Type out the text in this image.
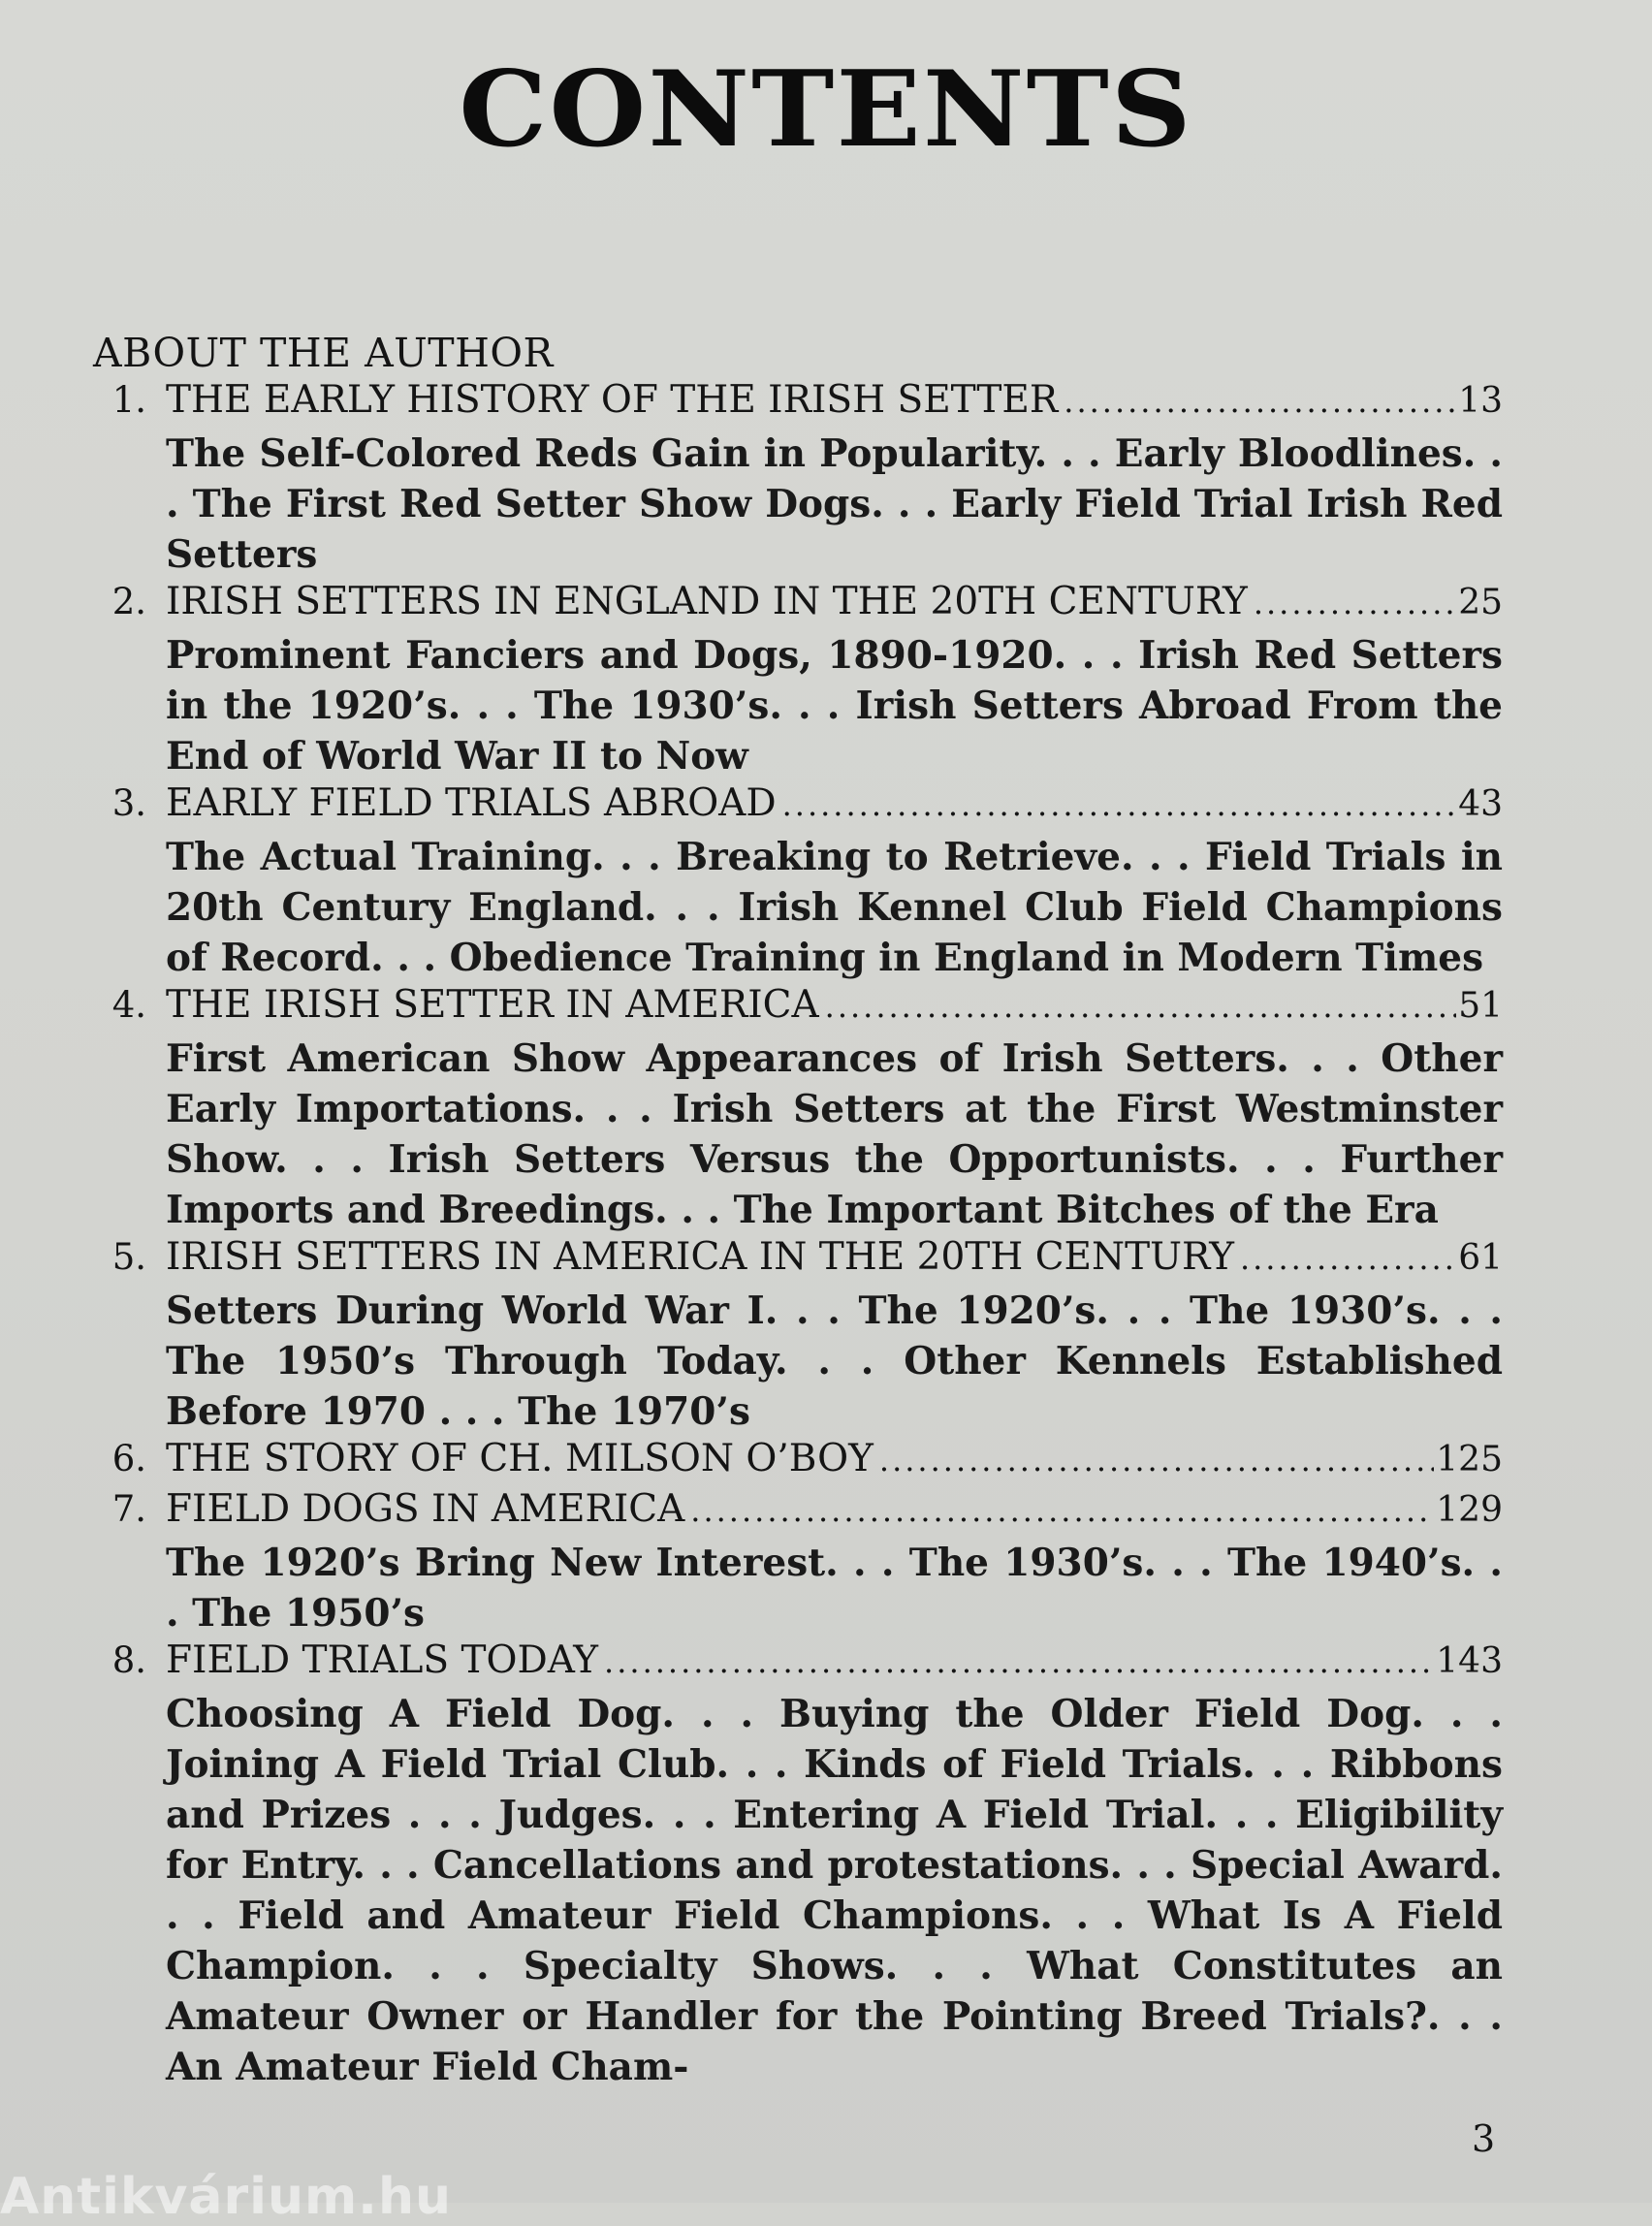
CONTENTS
ABOUT THE AUTHOR
1. THE EARLY HISTORY OF THE IRISH SETTER .....	13
The Self-Colored Reds Gain in Popularity. . . Early Bloodlines. . . The First Red Setter Show Dogs. . . Early Field Trial Irish Red Setters
2. IRISH SETTERS IN ENGLAND IN THE 20TH CENTURY .....	25
Prominent Fanciers and Dogs, 1890-1920. . . Irish Red Setters in the 1920’s. . . The 1930’s. . . Irish Setters Abroad From the End of World War II to Now
3. EARLY FIELD TRIALS ABROAD .....	43
The Actual Training. . . Breaking to Retrieve. . . Field Trials in 20th Century England. . . Irish Kennel Club Field Champions of Record. . . Obedience Training in England in Modern Times
4. THE IRISH SETTER IN AMERICA .....	51
First American Show Appearances of Irish Setters. . . Other Early Importations. . . Irish Setters at the First Westminster Show. . . Irish Setters Versus the Opportunists. . . Further Imports and Breedings. . . The Important Bitches of the Era
5. IRISH SETTERS IN AMERICA IN THE 20TH CENTURY .....	61
Setters During World War I. . . The 1920’s. . . The 1930’s. . . The 1950’s Through Today. . . Other Kennels Established Before 1970 . . . The 1970’s
6. THE STORY OF CH. MILSON O’BOY .....	125
7. FIELD DOGS IN AMERICA .....	129
The 1920’s Bring New Interest. . . The 1930’s. . . The 1940’s. . . The 1950’s
8. FIELD TRIALS TODAY .....	143
Choosing A Field Dog. . . Buying the Older Field Dog. . . Joining A Field Trial Club. . . Kinds of Field Trials. . . Ribbons and Prizes . . . Judges. . . Entering A Field Trial. . . Eligibility for Entry. . . Cancellations and protestations. . . Special Award. . . Field and Amateur Field Champions. . . What Is A Field Champion. . . Specialty Shows. . . What Constitutes an Amateur Owner or Handler for the Pointing Breed Trials?. . . An Amateur Field Cham-
3
Antikvárium.hu
